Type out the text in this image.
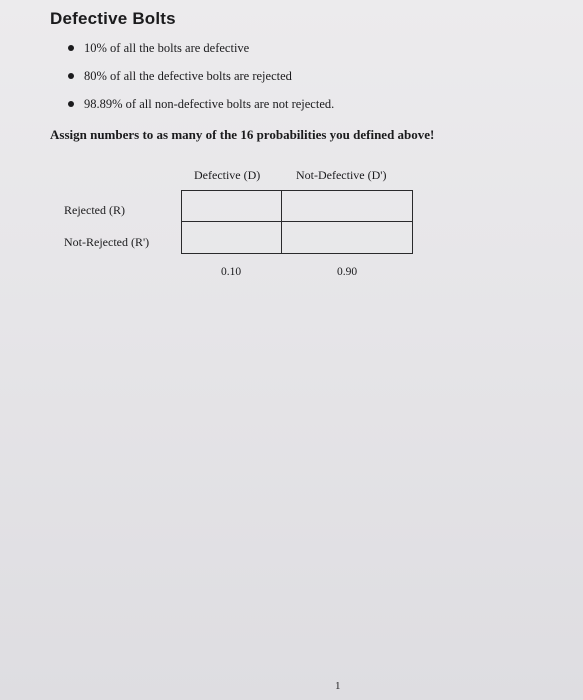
Defective Bolts
10% of all the bolts are defective
80% of all the defective bolts are rejected
98.89% of all non-defective bolts are not rejected.
Assign numbers to as many of the 16 probabilities you defined above!
Defective (D)	Not-Defective (D')
Rejected (R)
Not-Rejected (R')
0.10	0.90
1
